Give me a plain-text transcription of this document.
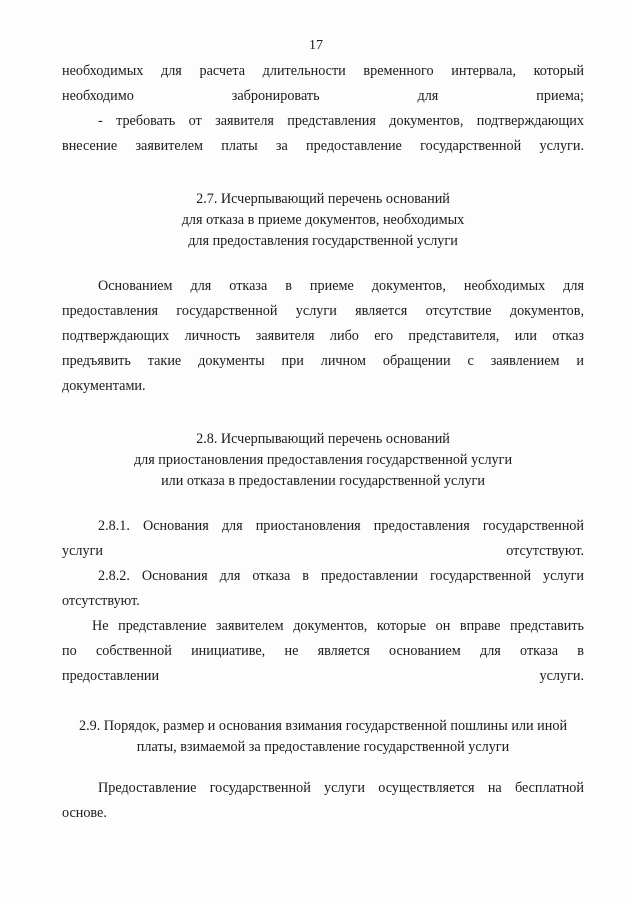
17
необходимых для расчета длительности временного интервала, который
необходимо забронировать для приема;
- требовать от заявителя представления документов, подтверждающих
внесение заявителем платы за предоставление государственной услуги.
2.7. Исчерпывающий перечень оснований
для отказа в приеме документов, необходимых
для предоставления государственной услуги
Основанием для отказа в приеме документов, необходимых для
предоставления государственной услуги является отсутствие документов,
подтверждающих личность заявителя либо его представителя, или отказ
предъявить такие документы при личном обращении с заявлением и
документами.
2.8. Исчерпывающий перечень оснований
для приостановления предоставления государственной услуги
или отказа в предоставлении государственной услуги
2.8.1. Основания для приостановления предоставления государственной
услуги отсутствуют.
2.8.2. Основания для отказа в предоставлении государственной услуги
отсутствуют.
Не представление заявителем документов, которые он вправе представить
по собственной инициативе, не является основанием для отказа в
предоставлении услуги.
2.9. Порядок, размер и основания взимания государственной пошлины или иной
платы, взимаемой за предоставление государственной услуги
Предоставление государственной услуги осуществляется на бесплатной
основе.
